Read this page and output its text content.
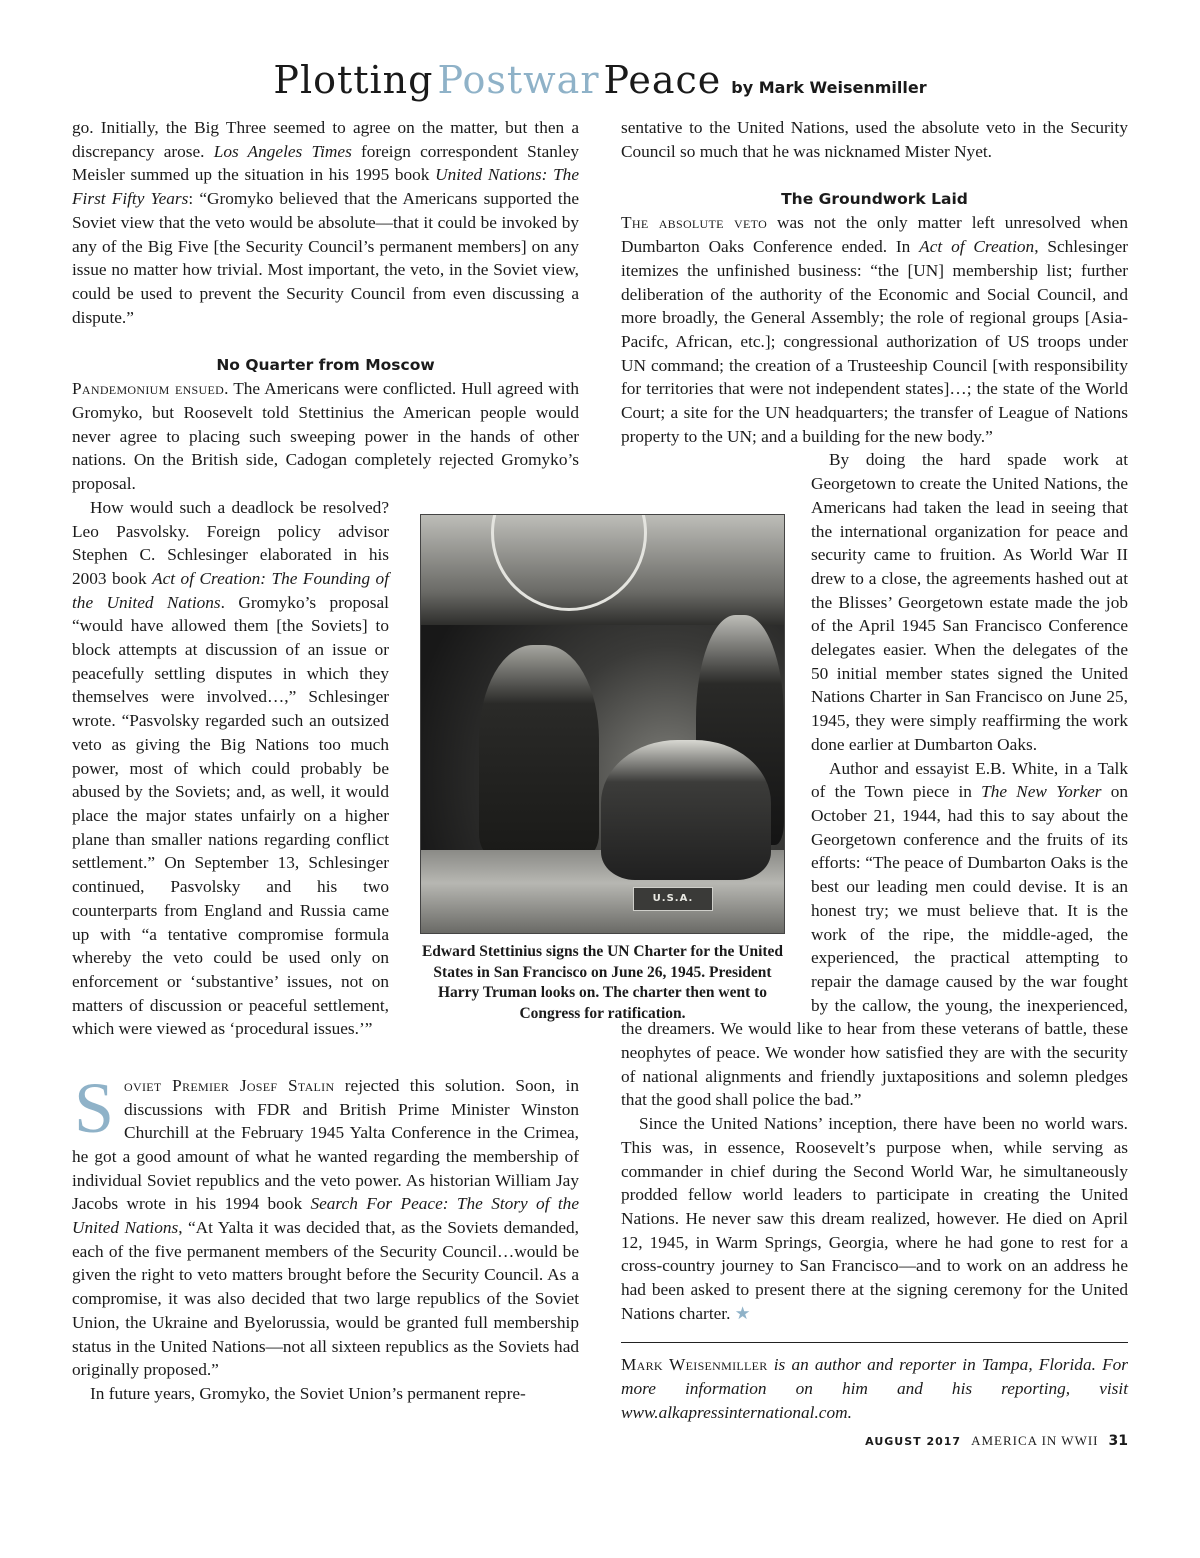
Plotting Postwar Peace by Mark Weisenmiller

go. Initially, the Big Three seemed to agree on the matter, but then a discrepancy arose. Los Angeles Times foreign correspondent Stanley Meisler summed up the situation in his 1995 book United Nations: The First Fifty Years: “Gromyko believed that the Americans supported the Soviet view that the veto would be absolute—that it could be invoked by any of the Big Five [the Security Council’s permanent members] on any issue no matter how trivial. Most important, the veto, in the Soviet view, could be used to prevent the Security Council from even discussing a dispute.”

No Quarter from Moscow

Pandemonium ensued. The Americans were conflicted. Hull agreed with Gromyko, but Roosevelt told Stettinius the American people would never agree to placing such sweeping power in the hands of other nations. On the British side, Cadogan completely rejected Gromyko’s proposal.

How would such a deadlock be resolved? Leo Pasvolsky. Foreign policy advisor Stephen C. Schlesinger elaborated in his 2003 book Act of Creation: The Founding of the United Nations. Gromyko’s proposal “would have allowed them [the Soviets] to block attempts at discussion of an issue or peacefully settling disputes in which they themselves were involved…,” Schlesinger wrote. “Pasvolsky regarded such an outsized veto as giving the Big Nations too much power, most of which could probably be abused by the Soviets; and, as well, it would place the major states unfairly on a higher plane than smaller nations regarding conflict settlement.” On September 13, Schlesinger continued, Pasvolsky and his two counterparts from England and Russia came up with “a tentative compromise formula whereby the veto could be used only on enforcement or ‘substantive’ issues, not on matters of discussion or peaceful settlement, which were viewed as ‘procedural issues.’”

Soviet Premier Josef Stalin rejected this solution. Soon, in discussions with FDR and British Prime Minister Winston Churchill at the February 1945 Yalta Conference in the Crimea, he got a good amount of what he wanted regarding the membership of individual Soviet republics and the veto power. As historian William Jay Jacobs wrote in his 1994 book Search For Peace: The Story of the United Nations, “At Yalta it was decided that, as the Soviets demanded, each of the five permanent members of the Security Council…would be given the right to veto matters brought before the Security Council. As a compromise, it was also decided that two large republics of the Soviet Union, the Ukraine and Byelorussia, would be granted full membership status in the United Nations—not all sixteen republics as the Soviets had originally proposed.”

In future years, Gromyko, the Soviet Union’s permanent repre-

sentative to the United Nations, used the absolute veto in the Security Council so much that he was nicknamed Mister Nyet.

The Groundwork Laid

The absolute veto was not the only matter left unresolved when Dumbarton Oaks Conference ended. In Act of Creation, Schlesinger itemizes the unfinished business: “the [UN] membership list; further deliberation of the authority of the Economic and Social Council, and more broadly, the General Assembly; the role of regional groups [Asia-Pacifc, African, etc.]; congressional authorization of US troops under UN command; the creation of a Trusteeship Council [with responsibility for territories that were not independent states]…; the state of the World Court; a site for the UN headquarters; the transfer of League of Nations property to the UN; and a building for the new body.”

By doing the hard spade work at Georgetown to create the United Nations, the Americans had taken the lead in seeing that the international organization for peace and security came to fruition. As World War II drew to a close, the agreements hashed out at the Blisses’ Georgetown estate made the job of the April 1945 San Francisco Conference delegates easier. When the delegates of the 50 initial member states signed the United Nations Charter in San Francisco on June 25, 1945, they were simply reaffirming the work done earlier at Dumbarton Oaks.

Author and essayist E.B. White, in a Talk of the Town piece in The New Yorker on October 21, 1944, had this to say about the Georgetown conference and the fruits of its efforts: “The peace of Dumbarton Oaks is the best our leading men could devise. It is an honest try; we must believe that. It is the work of the ripe, the middle-aged, the experienced, the practical attempting to repair the damage caused by the war fought by the callow, the young, the inexperienced, the dreamers. We would like to hear from these veterans of battle, these neophytes of peace. We wonder how satisfied they are with the security of national alignments and friendly juxtapositions and solemn pledges that the good shall police the bad.”

Since the United Nations’ inception, there have been no world wars. This was, in essence, Roosevelt’s purpose when, while serving as commander in chief during the Second World War, he simultaneously prodded fellow world leaders to participate in creating the United Nations. He never saw this dream realized, however. He died on April 12, 1945, in Warm Springs, Georgia, where he had gone to rest for a cross-country journey to San Francisco—and to work on an address he had been asked to present there at the signing ceremony for the United Nations charter. ★

Mark Weisenmiller is an author and reporter in Tampa, Florida. For more information on him and his reporting, visit www.alkapressinternational.com.

U.S.A.
Edward Stettinius signs the UN Charter for the United States in San Francisco on June 26, 1945. President Harry Truman looks on. The charter then went to Congress for ratification.
AUGUST 2017 AMERICA IN WWII 31
